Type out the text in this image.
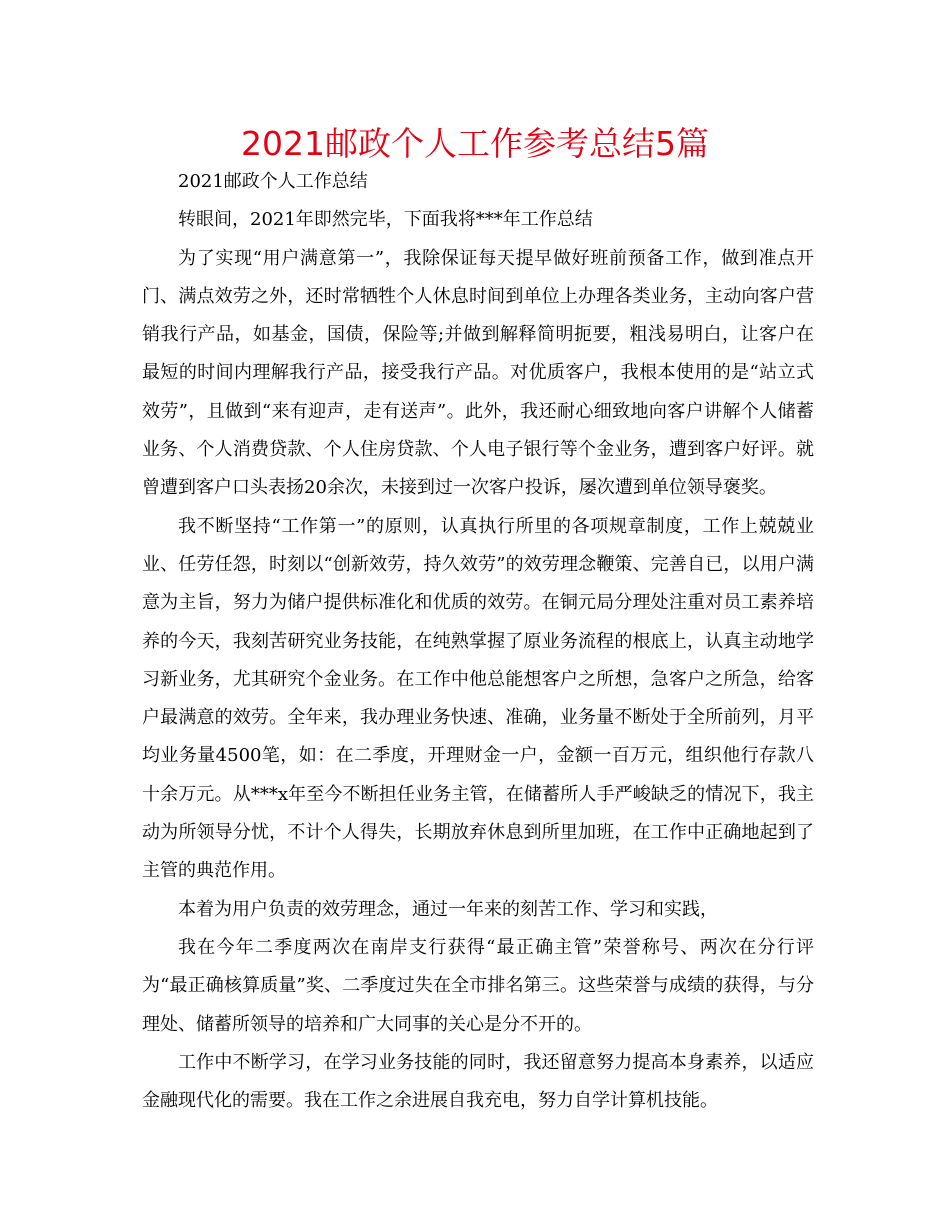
2021邮政个人工作参考总结5篇

2021邮政个人工作总结

转眼间，2021年即然完毕，下面我将***年工作总结

为了实现“用户满意第一”，我除保证每天提早做好班前预备工作，做到准点开门、满点效劳之外，还时常牺牲个人休息时间到单位上办理各类业务，主动向客户营销我行产品，如基金，国债，保险等;并做到解释简明扼要，粗浅易明白，让客户在最短的时间内理解我行产品，接受我行产品。对优质客户，我根本使用的是“站立式效劳”，且做到“来有迎声，走有送声”。此外，我还耐心细致地向客户讲解个人储蓄业务、个人消费贷款、个人住房贷款、个人电子银行等个金业务，遭到客户好评。就曾遭到客户口头表扬20余次，未接到过一次客户投诉，屡次遭到单位领导褒奖。

我不断坚持“工作第一”的原则，认真执行所里的各项规章制度，工作上兢兢业业、任劳任怨，时刻以“创新效劳，持久效劳”的效劳理念鞭策、完善自已，以用户满意为主旨，努力为储户提供标准化和优质的效劳。在铜元局分理处注重对员工素养培养的今天，我刻苦研究业务技能，在纯熟掌握了原业务流程的根底上，认真主动地学习新业务，尤其研究个金业务。在工作中他总能想客户之所想，急客户之所急，给客户最满意的效劳。全年来，我办理业务快速、准确，业务量不断处于全所前列，月平均业务量4500笔，如：在二季度，开理财金一户，金额一百万元，组织他行存款八十余万元。从***x年至今不断担任业务主管，在储蓄所人手严峻缺乏的情况下，我主动为所领导分忧，不计个人得失，长期放弃休息到所里加班，在工作中正确地起到了主管的典范作用。

本着为用户负责的效劳理念，通过一年来的刻苦工作、学习和实践，

我在今年二季度两次在南岸支行获得“最正确主管”荣誉称号、两次在分行评为“最正确核算质量”奖、二季度过失在全市排名第三。这些荣誉与成绩的获得，与分理处、储蓄所领导的培养和广大同事的关心是分不开的。

工作中不断学习，在学习业务技能的同时，我还留意努力提高本身素养，以适应金融现代化的需要。我在工作之余进展自我充电，努力自学计算机技能。
